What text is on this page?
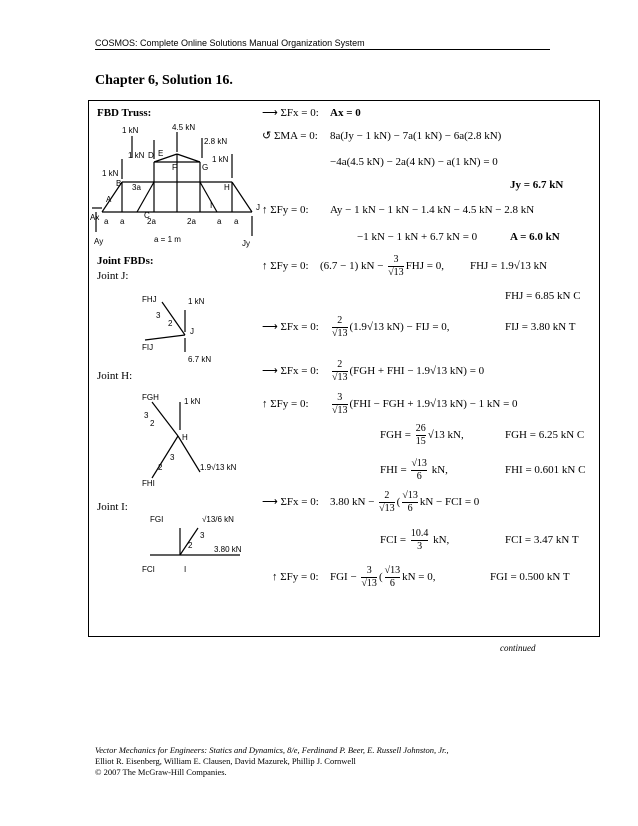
COSMOS: Complete Online Solutions Manual Organization System
Chapter 6, Solution 16.
FBD Truss:
Joint FBDs:
Joint J:
Joint H:
Joint I:
1 kN	4.5 kN
2.8 kN
1 kN	1 kN
1 kN
3a
a a	2a	2a	a a
a = 1 m
Ax
Ay	Jy
A
B
C
D E
F	G
H
I	J
FHJ	1 kN
3
2
J
FIJ
6.7 kN
FGH	1 kN
3
2
H
3
2
FHI
1.9√13 kN
FGI	√13/6 kN
3
2	3.80 kN
FCI	I
⟶ ΣFx = 0: Ax = 0
↺ ΣMA = 0: 8a(Jy − 1 kN) − 7a(1 kN) − 6a(2.8 kN)
−4a(4.5 kN) − 2a(4 kN) − a(1 kN) = 0
Jy = 6.7 kN
↑ ΣFy = 0: Ay − 1 kN − 1 kN − 1.4 kN − 4.5 kN − 2.8 kN
−1 kN − 1 kN + 6.7 kN = 0	A = 6.0 kN
↑ ΣFy = 0: (6.7 − 1) kN − $\frac{3}{√13}$ FHJ = 0, FHJ = 1.9√13 kN
FHJ = 6.85 kN C
⟶ ΣFx = 0: $\frac{2}{√13} (1.9√13$ kN) − FIJ = 0,	FIJ = 3.80 kN T
⟶ ΣFx = 0: $\frac{2}{√13} (FGH$ + FHI − 1.9√13 kN) = 0
↑ ΣFy = 0: $\frac{3}{√13} (FHI$ − FGH + 1.9√13 kN) − 1 kN = 0
FGH = $\frac{26}{15} √13$ kN,	FGH = 6.25 kN C
FHI = $\frac{√13}{6}$ kN,	FHI = 0.601 kN C
⟶ ΣFx = 0: 3.80 kN − $\frac{2}{√13}$ ( $\frac{√13}{6}$ kN − FCI = 0
FCI = $\frac{10.4}{3}$ kN,	FCI = 3.47 kN T
↑ ΣFy = 0: FGI − $\frac{3}{√13}$ ( $\frac{√13}{6}$ kN = 0,	FGI = 0.500 kN T
continued
Vector Mechanics for Engineers: Statics and Dynamics, 8/e, Ferdinand P. Beer, E. Russell Johnston, Jr.,
Elliot R. Eisenberg, William E. Clausen, David Mazurek, Phillip J. Cornwell
© 2007 The McGraw-Hill Companies.
